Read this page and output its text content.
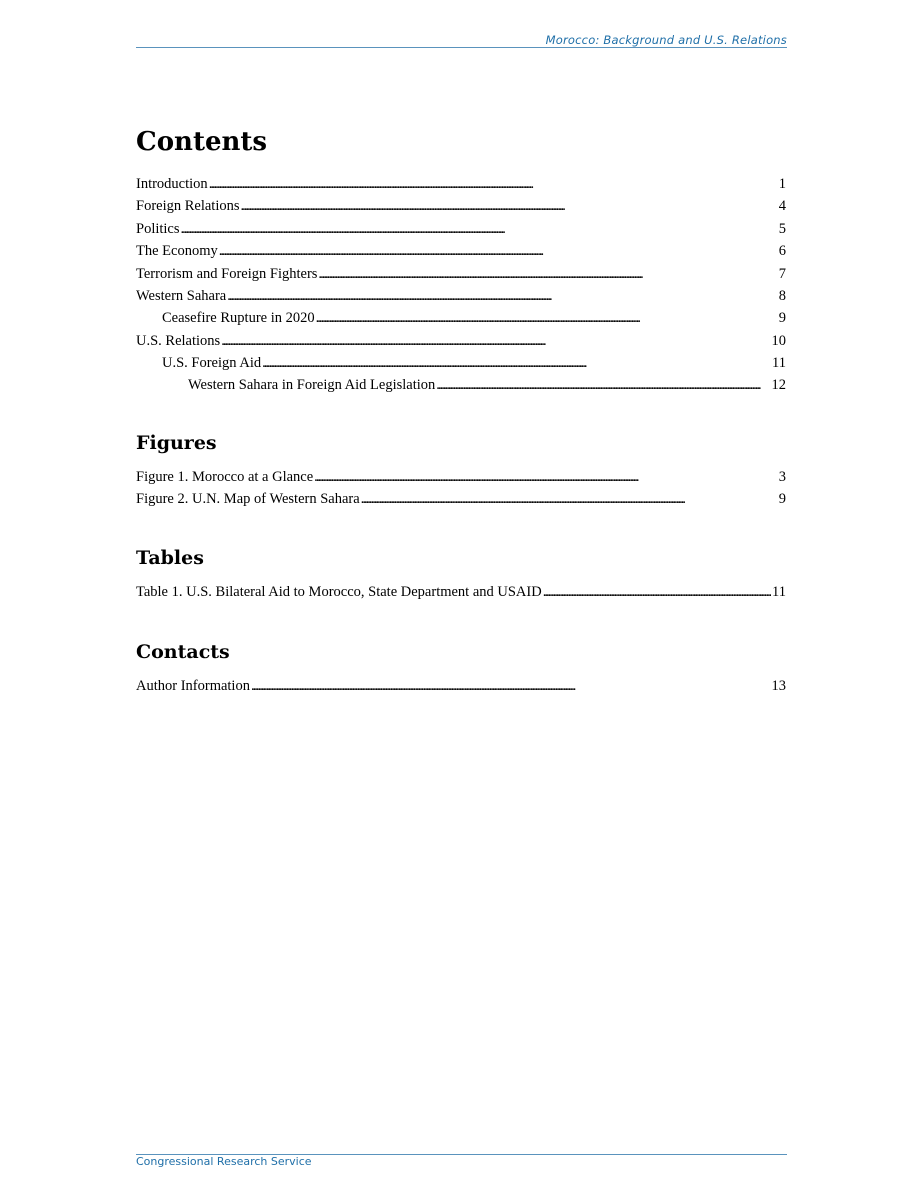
Morocco: Background and U.S. Relations
Contents
Introduction . . .	1
Foreign Relations . . .	4
Politics . . .	5
The Economy . . .	6
Terrorism and Foreign Fighters . . .	7
Western Sahara . . .	8
Ceasefire Rupture in 2020 . . .	9
U.S. Relations . . .	10
U.S. Foreign Aid . . .	11
Western Sahara in Foreign Aid Legislation . . .	12
Figures
Figure 1. Morocco at a Glance . . .	3
Figure 2. U.N. Map of Western Sahara . . .	9
Tables
Table 1. U.S. Bilateral Aid to Morocco, State Department and USAID . . .	11
Contacts
Author Information . . .	13
Congressional Research Service
